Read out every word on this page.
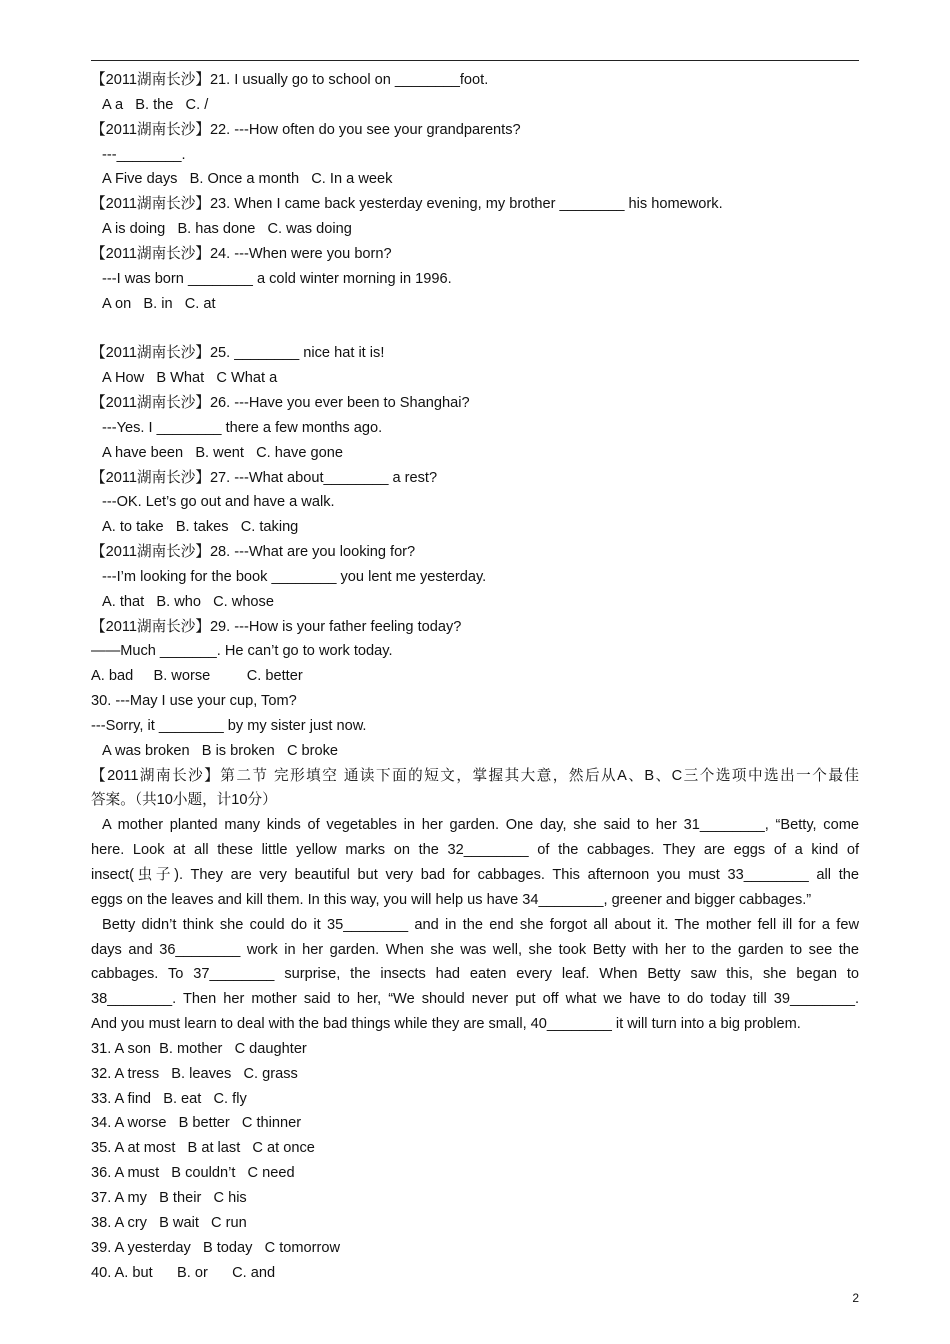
【2011湖南长沙】21. I usually go to school on ________foot.
A a   B. the   C. /
【2011湖南长沙】22. ---How often do you see your grandparents?
---________.
A Five days   B. Once a month   C. In a week
【2011湖南长沙】23. When I came back yesterday evening, my brother ________ his homework.
A is doing   B. has done   C. was doing
【2011湖南长沙】24. ---When were you born?
---I was born ________ a cold winter morning in 1996.
A on   B. in   C. at
【2011湖南长沙】25. ________ nice hat it is!
A How   B What   C What a
【2011湖南长沙】26. ---Have you ever been to Shanghai?
---Yes. I ________ there a few months ago.
A have been   B. went   C. have gone
【2011湖南长沙】27. ---What about________ a rest?
---OK. Let’s go out and have a walk.
A. to take   B. takes   C. taking
【2011湖南长沙】28. ---What are you looking for?
---I’m looking for the book ________ you lent me yesterday.
A. that   B. who   C. whose
【2011湖南长沙】29. ---How is your father feeling today?
——Much _______. He can’t go to work today.
A. bad     B. worse         C. better
30. ---May I use your cup, Tom?
---Sorry, it ________ by my sister just now.
A was broken   B is broken   C broke
【2011湖南长沙】第二节 完形填空 通读下面的短文，掌握其大意，然后从A、B、C三个选项中选出一个最佳
答案。（共10小题，计10分）
A mother planted many kinds of vegetables in her garden. One day, she said to her 31________, “Betty, come
here. Look at all these little yellow marks on the 32________ of the cabbages. They are eggs of a kind of
insect(虫子). They are very beautiful but very bad for cabbages. This afternoon you must 33________ all the
eggs on the leaves and kill them. In this way, you will help us have 34________, greener and bigger cabbages.”
Betty didn’t think she could do it 35________ and in the end she forgot all about it. The mother fell ill for a few
days and 36________ work in her garden. When she was well, she took Betty with her to the garden to see the
cabbages. To 37________ surprise, the insects had eaten every leaf. When Betty saw this, she began to
38________. Then her mother said to her, “We should never put off what we have to do today till 39________.
And you must learn to deal with the bad things while they are small, 40________ it will turn into a big problem.
31. A son  B. mother   C daughter
32. A tress   B. leaves   C. grass
33. A find   B. eat   C. fly
34. A worse   B better   C thinner
35. A at most   B at last   C at once
36. A must   B couldn’t   C need
37. A my   B their   C his
38. A cry   B wait   C run
39. A yesterday   B today   C tomorrow
40. A. but      B. or      C. and
2
